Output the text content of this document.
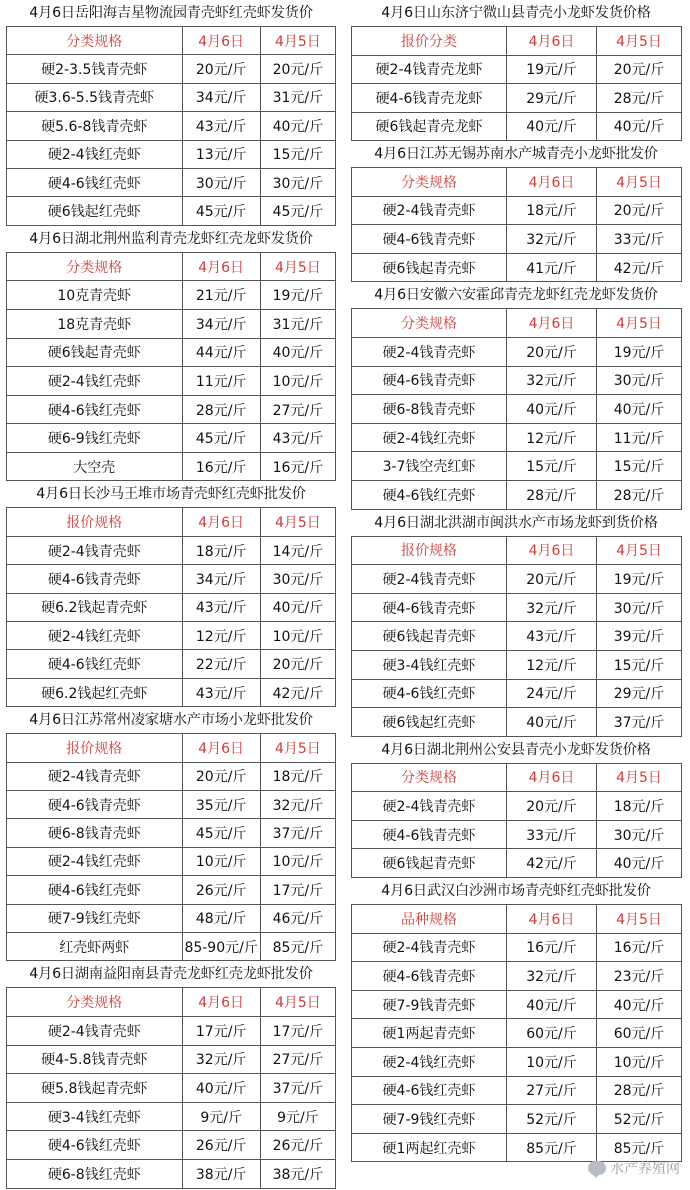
4月6日岳阳海吉星物流园青壳虾红壳虾发货价
分类规格	4月6日	4月5日
硬2-3.5钱青壳虾	20元/斤	20元/斤
硬3.6-5.5钱青壳虾	34元/斤	31元/斤
硬5.6-8钱青壳虾	43元/斤	40元/斤
硬2-4钱红壳虾	13元/斤	15元/斤
硬4-6钱红壳虾	30元/斤	30元/斤
硬6钱起红壳虾	45元/斤	45元/斤
4月6日湖北荆州监利青壳龙虾红壳龙虾发货价
分类规格	4月6日	4月5日
10克青壳虾	21元/斤	19元/斤
18克青壳虾	34元/斤	31元/斤
硬6钱起青壳虾	44元/斤	40元/斤
硬2-4钱红壳虾	11元/斤	10元/斤
硬4-6钱红壳虾	28元/斤	27元/斤
硬6-9钱红壳虾	45元/斤	43元/斤
大空壳	16元/斤	16元/斤
4月6日长沙马王堆市场青壳虾红壳虾批发价
报价规格	4月6日	4月5日
硬2-4钱青壳虾	18元/斤	14元/斤
硬4-6钱青壳虾	34元/斤	30元/斤
硬6.2钱起青壳虾	43元/斤	40元/斤
硬2-4钱红壳虾	12元/斤	10元/斤
硬4-6钱红壳虾	22元/斤	20元/斤
硬6.2钱起红壳虾	43元/斤	42元/斤
4月6日江苏常州凌家塘水产市场小龙虾批发价
报价规格	4月6日	4月5日
硬2-4钱青壳虾	20元/斤	18元/斤
硬4-6钱青壳虾	35元/斤	32元/斤
硬6-8钱青壳虾	45元/斤	37元/斤
硬2-4钱红壳虾	10元/斤	10元/斤
硬4-6钱红壳虾	26元/斤	17元/斤
硬7-9钱红壳虾	48元/斤	46元/斤
红壳虾两虾	85-90元/斤	85元/斤
4月6日湖南益阳南县青壳龙虾红壳龙虾批发价
分类规格	4月6日	4月5日
硬2-4钱青壳虾	17元/斤	17元/斤
硬4-5.8钱青壳虾	32元/斤	27元/斤
硬5.8钱起青壳虾	40元/斤	37元/斤
硬3-4钱红壳虾	9元/斤	9元/斤
硬4-6钱红壳虾	26元/斤	26元/斤
硬6-8钱红壳虾	38元/斤	38元/斤
4月6日山东济宁微山县青壳小龙虾发货价格
报价分类	4月6日	4月5日
硬2-4钱青壳龙虾	19元/斤	20元/斤
硬4-6钱青壳龙虾	29元/斤	28元/斤
硬6钱起青壳龙虾	40元/斤	40元/斤
4月6日江苏无锡苏南水产城青壳小龙虾批发价
分类规格	4月6日	4月5日
硬2-4钱青壳虾	18元/斤	20元/斤
硬4-6钱青壳虾	32元/斤	33元/斤
硬6钱起青壳虾	41元/斤	42元/斤
4月6日安徽六安霍邱青壳龙虾红壳龙虾发货价
分类规格	4月6日	4月5日
硬2-4钱青壳虾	20元/斤	19元/斤
硬4-6钱青壳虾	32元/斤	30元/斤
硬6-8钱青壳虾	40元/斤	40元/斤
硬2-4钱红壳虾	12元/斤	11元/斤
3-7钱空壳红虾	15元/斤	15元/斤
硬4-6钱红壳虾	28元/斤	28元/斤
4月6日湖北洪湖市闽洪水产市场龙虾到货价格
报价规格	4月6日	4月5日
硬2-4钱青壳虾	20元/斤	19元/斤
硬4-6钱青壳虾	32元/斤	30元/斤
硬6钱起青壳虾	43元/斤	39元/斤
硬3-4钱红壳虾	12元/斤	15元/斤
硬4-6钱红壳虾	24元/斤	29元/斤
硬6钱起红壳虾	40元/斤	37元/斤
4月6日湖北荆州公安县青壳小龙虾发货价格
分类规格	4月6日	4月5日
硬2-4钱青壳虾	20元/斤	18元/斤
硬4-6钱青壳虾	33元/斤	30元/斤
硬6钱起青壳虾	42元/斤	40元/斤
4月6日武汉白沙洲市场青壳虾红壳虾批发价
品种规格	4月6日	4月5日
硬2-4钱青壳虾	16元/斤	16元/斤
硬4-6钱青壳虾	32元/斤	23元/斤
硬7-9钱青壳虾	40元/斤	40元/斤
硬1两起青壳虾	60元/斤	60元/斤
硬2-4钱红壳虾	10元/斤	10元/斤
硬4-6钱红壳虾	27元/斤	28元/斤
硬7-9钱红壳虾	52元/斤	52元/斤
硬1两起红壳虾	85元/斤	85元/斤
水产养殖网
